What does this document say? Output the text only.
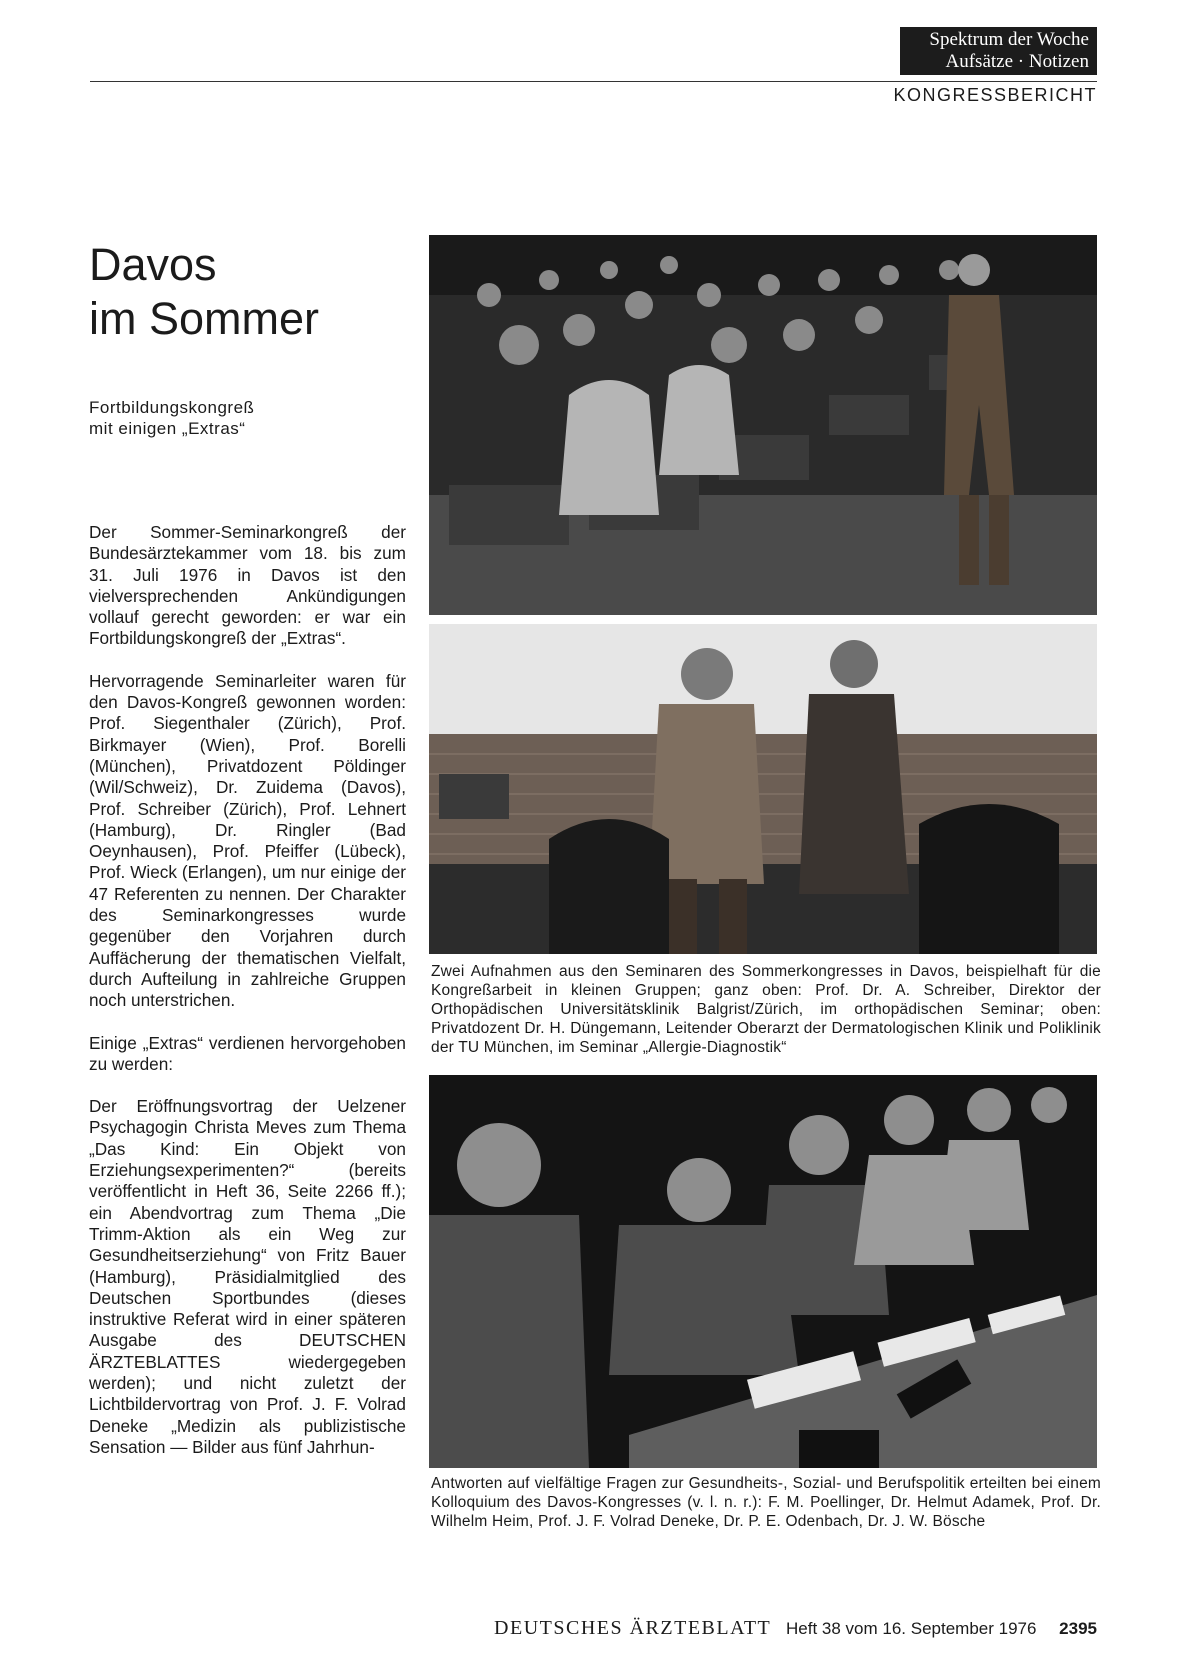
Spektrum der Woche
Aufsätze · Notizen
KONGRESSBERICHT
Davos
im Sommer
Fortbildungskongreß
mit einigen „Extras“

Der Sommer-Seminarkongreß der Bundesärztekammer vom 18. bis zum 31. Juli 1976 in Davos ist den vielversprechenden Ankündigungen vollauf gerecht geworden: er war ein Fortbildungskongreß der „Extras“.

Hervorragende Seminarleiter waren für den Davos-Kongreß gewonnen worden: Prof. Siegenthaler (Zürich), Prof. Birkmayer (Wien), Prof. Borelli (München), Privatdozent Pöldinger (Wil/Schweiz), Dr. Zuidema (Davos), Prof. Schreiber (Zürich), Prof. Lehnert (Hamburg), Dr. Ringler (Bad Oeynhausen), Prof. Pfeiffer (Lübeck), Prof. Wieck (Erlangen), um nur einige der 47 Referenten zu nennen. Der Charakter des Seminarkongresses wurde gegenüber den Vorjahren durch Auffächerung der thematischen Vielfalt, durch Aufteilung in zahlreiche Gruppen noch unterstrichen.

Einige „Extras“ verdienen hervorgehoben zu werden:

Der Eröffnungsvortrag der Uelzener Psychagogin Christa Meves zum Thema „Das Kind: Ein Objekt von Erziehungsexperimenten?“ (bereits veröffentlicht in Heft 36, Seite 2266 ff.); ein Abendvortrag zum Thema „Die Trimm-Aktion als ein Weg zur Gesundheitserziehung“ von Fritz Bauer (Hamburg), Präsidialmitglied des Deutschen Sportbundes (dieses instruktive Referat wird in einer späteren Ausgabe des DEUTSCHEN ÄRZTEBLATTES wiedergegeben werden); und nicht zuletzt der Lichtbildervortrag von Prof. J. F. Volrad Deneke „Medizin als publizistische Sensation — Bilder aus fünf Jahrhun-

Zwei Aufnahmen aus den Seminaren des Sommerkongresses in Davos, beispielhaft für die Kongreßarbeit in kleinen Gruppen; ganz oben: Prof. Dr. A. Schreiber, Direktor der Orthopädischen Universitätsklinik Balgrist/Zürich, im orthopädischen Seminar; oben: Privatdozent Dr. H. Düngemann, Leitender Oberarzt der Dermatologischen Klinik und Poliklinik der TU München, im Seminar „Allergie-Diagnostik“
Antworten auf vielfältige Fragen zur Gesundheits-, Sozial- und Berufspolitik erteilten bei einem Kolloquium des Davos-Kongresses (v. l. n. r.): F. M. Poellinger, Dr. Helmut Adamek, Prof. Dr. Wilhelm Heim, Prof. J. F. Volrad Deneke, Dr. P. E. Odenbach, Dr. J. W. Bösche
DEUTSCHES ÄRZTEBLATT Heft 38 vom 16. September 1976 2395
